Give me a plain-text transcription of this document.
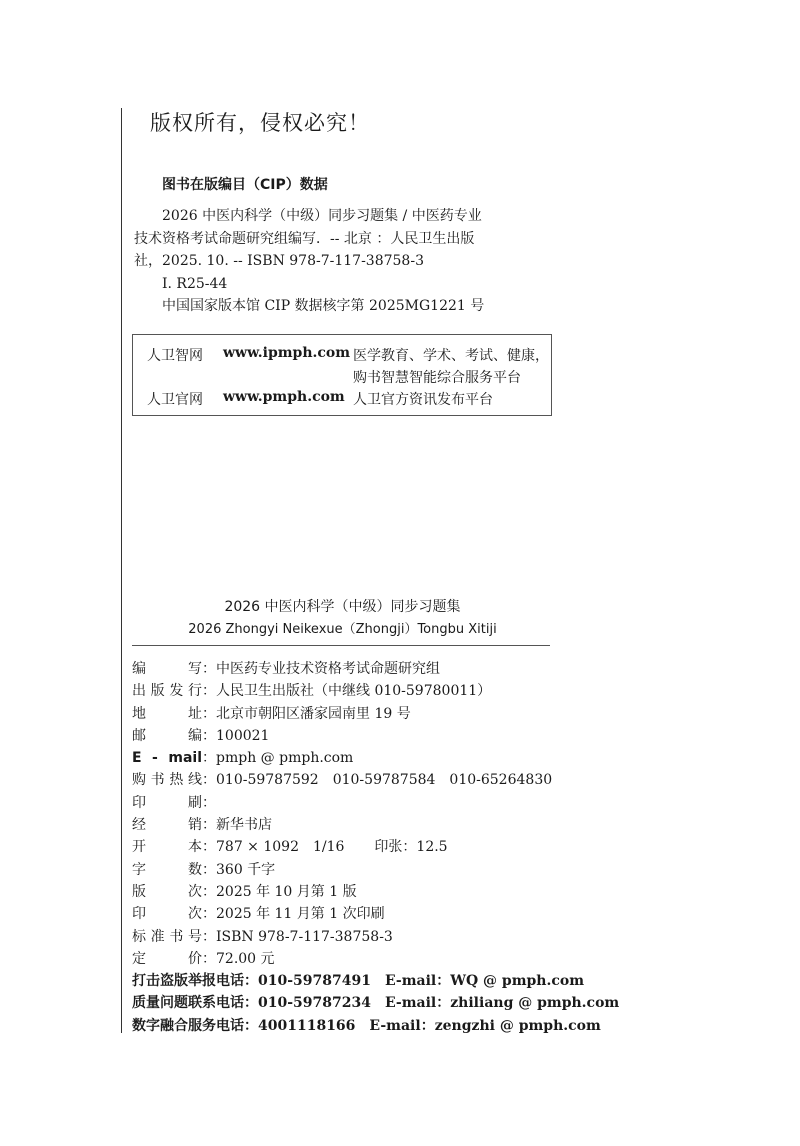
版权所有，侵权必究！
图书在版编目（CIP）数据
2026 中医内科学（中级）同步习题集 / 中医药专业
技术资格考试命题研究组编写．-- 北京 ：人民卫生出版
社，2025. 10. -- ISBN 978-7-117-38758-3
Ⅰ. R25-44
中国国家版本馆 CIP 数据核字第 2025MG1221 号
人卫智网 www.ipmph.com 医学教育、学术、考试、健康，
购书智慧智能综合服务平台
人卫官网 www.pmph.com 人卫官方资讯发布平台
2026 中医内科学（中级）同步习题集
2026 Zhongyi Neikexue（Zhongji）Tongbu Xitiji
编　　写：中医药专业技术资格考试命题研究组
出版发行：人民卫生出版社（中继线 010-59780011）
地　　址：北京市朝阳区潘家园南里 19 号
邮　　编：100021
E - mail：pmph @ pmph.com
购书热线：010-59787592　010-59787584　010-65264830
印　　刷：
经　　销：新华书店
开　　本：787 × 1092　1/16 印张：12.5
字　　数：360 千字
版　　次：2025 年 10 月第 1 版
印　　次：2025 年 11 月第 1 次印刷
标准书号：ISBN 978-7-117-38758-3
定　　价：72.00 元
打击盗版举报电话：010-59787491 E-mail：WQ @ pmph.com
质量问题联系电话：010-59787234 E-mail：zhiliang @ pmph.com
数字融合服务电话：4001118166 E-mail：zengzhi @ pmph.com
